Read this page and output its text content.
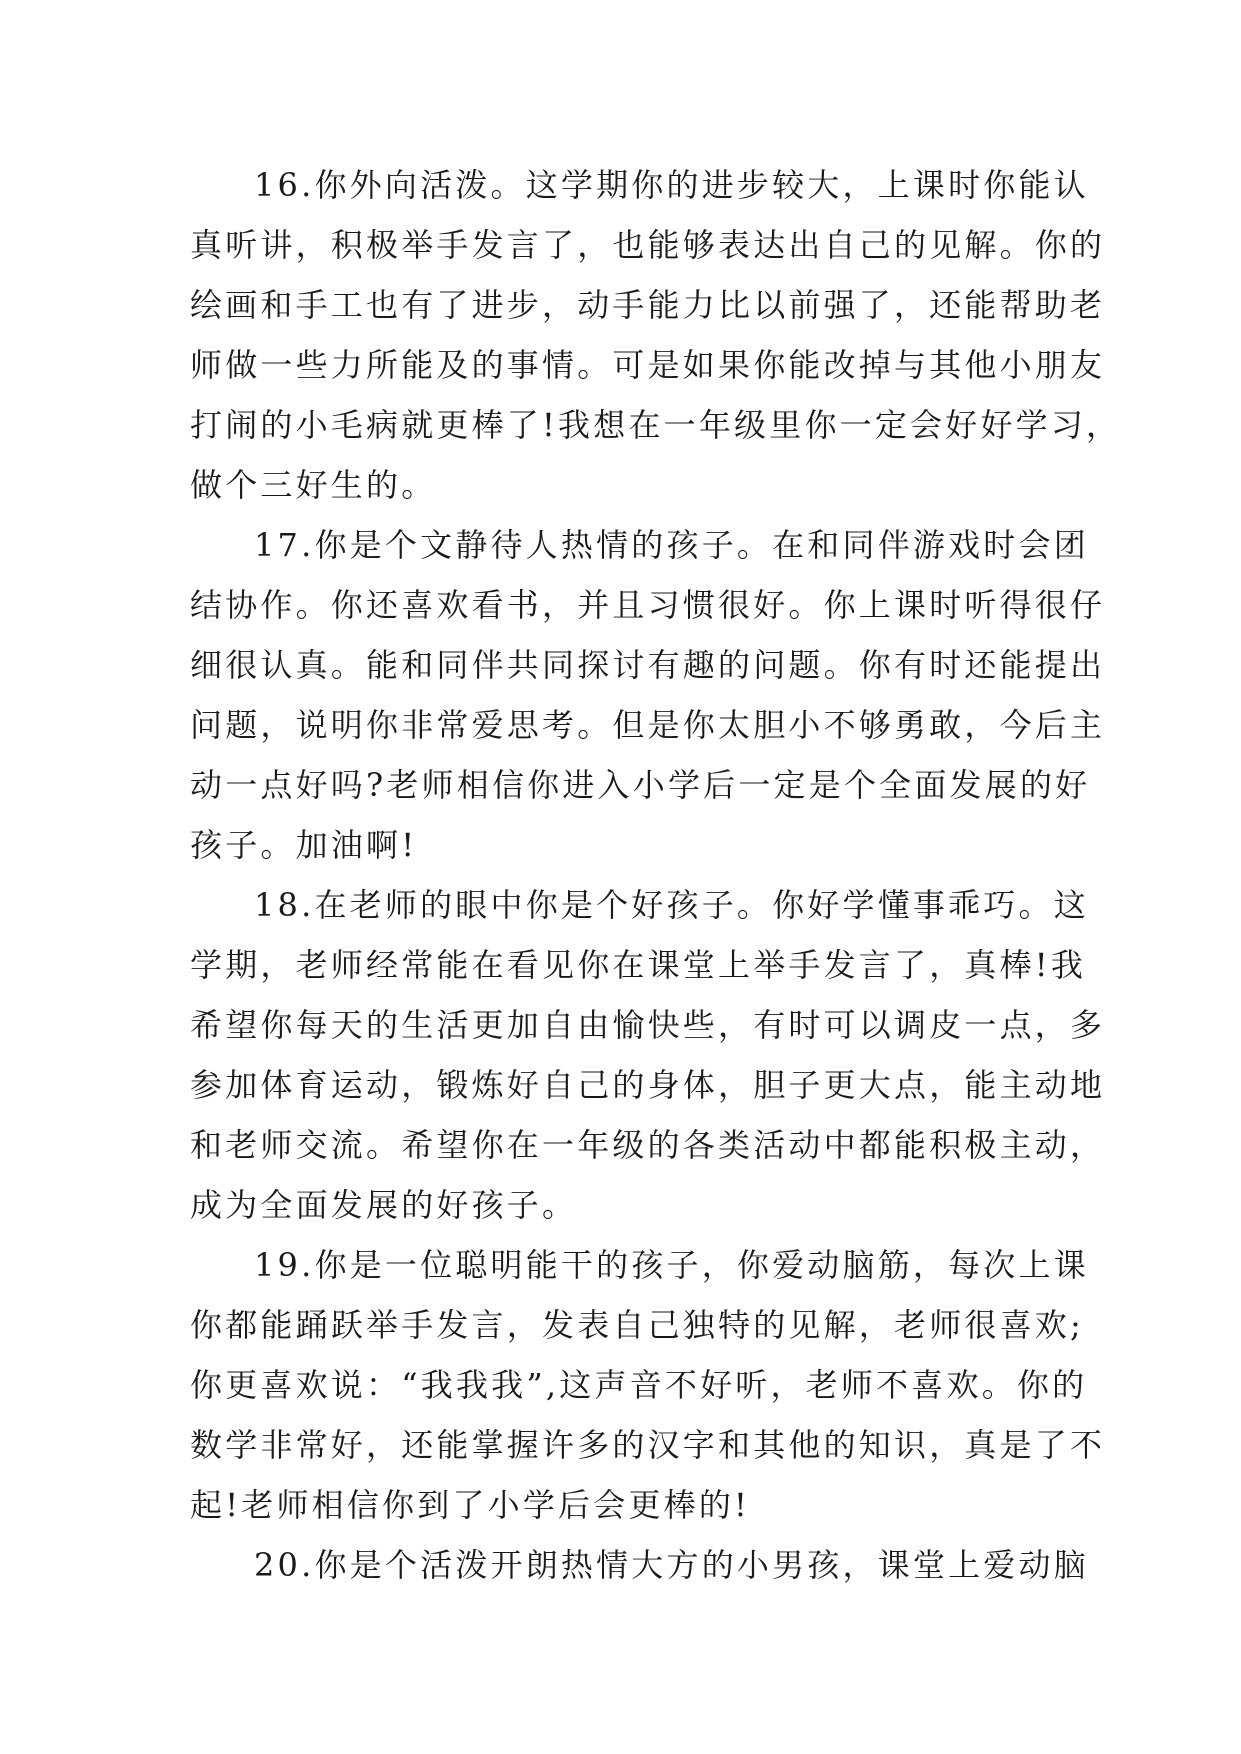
16.你外向活泼。这学期你的进步较大，上课时你能认
真听讲，积极举手发言了，也能够表达出自己的见解。你的
绘画和手工也有了进步，动手能力比以前强了，还能帮助老
师做一些力所能及的事情。可是如果你能改掉与其他小朋友
打闹的小毛病就更棒了!我想在一年级里你一定会好好学习，
做个三好生的。
17.你是个文静待人热情的孩子。在和同伴游戏时会团
结协作。你还喜欢看书，并且习惯很好。你上课时听得很仔
细很认真。能和同伴共同探讨有趣的问题。你有时还能提出
问题，说明你非常爱思考。但是你太胆小不够勇敢，今后主
动一点好吗?老师相信你进入小学后一定是个全面发展的好
孩子。加油啊!
18.在老师的眼中你是个好孩子。你好学懂事乖巧。这
学期，老师经常能在看见你在课堂上举手发言了，真棒!我
希望你每天的生活更加自由愉快些，有时可以调皮一点，多
参加体育运动，锻炼好自己的身体，胆子更大点，能主动地
和老师交流。希望你在一年级的各类活动中都能积极主动，
成为全面发展的好孩子。
19.你是一位聪明能干的孩子，你爱动脑筋，每次上课
你都能踊跃举手发言，发表自己独特的见解，老师很喜欢;
你更喜欢说：“我我我”,这声音不好听，老师不喜欢。你的
数学非常好，还能掌握许多的汉字和其他的知识，真是了不
起!老师相信你到了小学后会更棒的!
20.你是个活泼开朗热情大方的小男孩，课堂上爱动脑
